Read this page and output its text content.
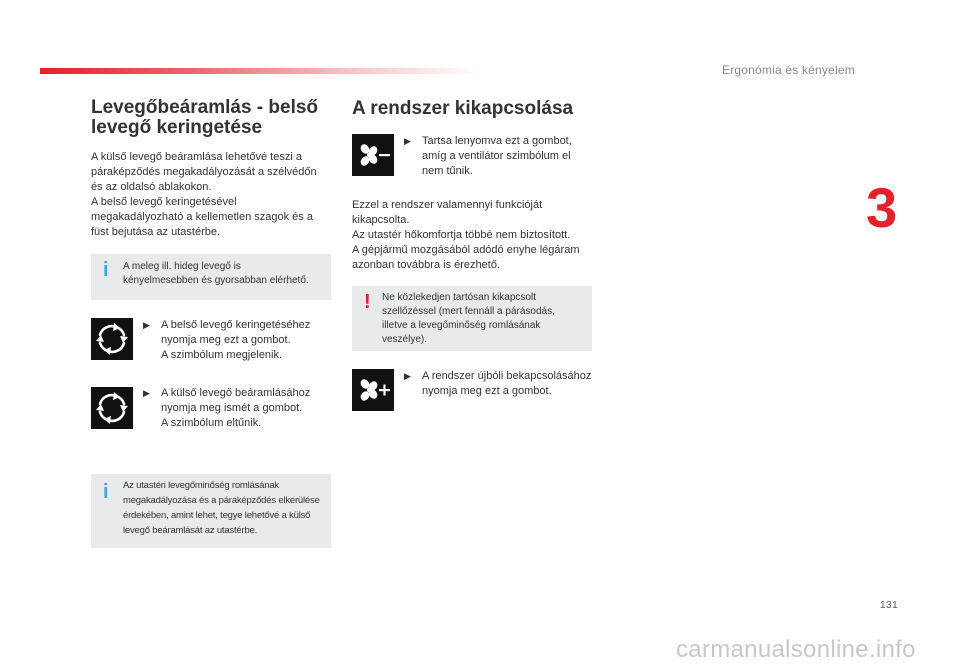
Ergonómia és kényelem
3
Levegőbeáramlás - belső
levegő keringetése
A külső levegő beáramlása lehetővé teszi a
páraképződés megakadályozását a szélvédőn
és az oldalsó ablakokon.
A belső levegő keringetésével
megakadályozható a kellemetlen szagok és a
füst bejutása az utastérbe.
i A meleg ill. hideg levegő is
kényelmesebben és gyorsabban elérhető.
▶ A belső levegő keringetéséhez
nyomja meg ezt a gombot.
A szimbólum megjelenik.
▶ A külső levegő beáramlásához
nyomja meg ismét a gombot.
A szimbólum eltűnik.
i Az utastéri levegőminőség romlásának
megakadályozása és a páraképződés elkerülése
érdekében, amint lehet, tegye lehetővé a külső
levegő beáramlását az utastérbe.
A rendszer kikapcsolása
▶ Tartsa lenyomva ezt a gombot,
amíg a ventilátor szimbólum el
nem tűnik.
Ezzel a rendszer valamennyi funkcióját
kikapcsolta.
Az utastér hőkomfortja többé nem biztosított.
A gépjármű mozgásából adódó enyhe légáram
azonban továbbra is érezhető.
! Ne közlekedjen tartósan kikapcsolt
szellőzéssel (mert fennáll a párásodás,
illetve a levegőminőség romlásának
veszélye).
▶ A rendszer újbóli bekapcsolásához
nyomja meg ezt a gombot.
131
carmanualsonline.info
